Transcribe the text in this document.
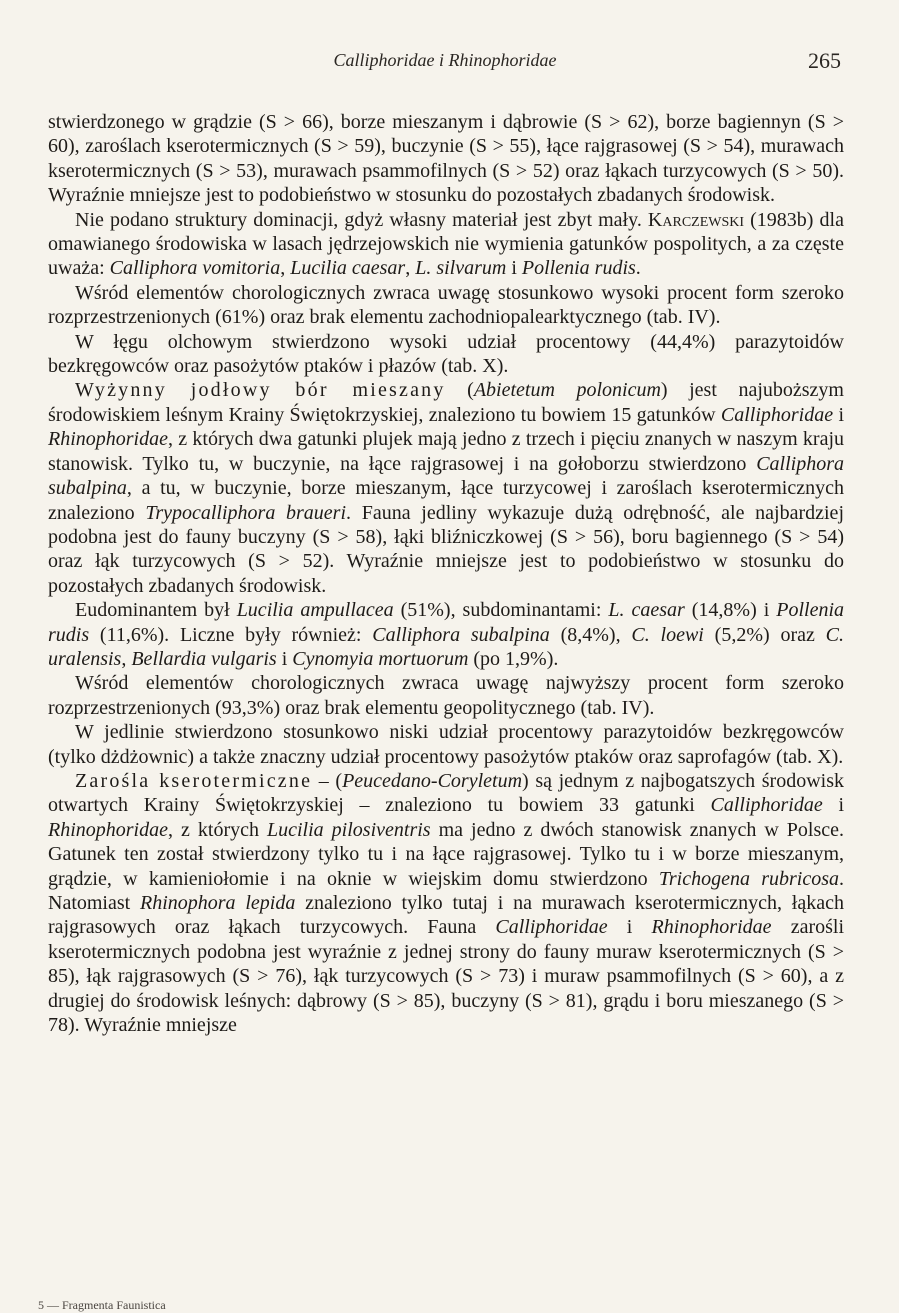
Calliphoridae i Rhinophoridae	265

stwierdzonego w grądzie (S > 66), borze mieszanym i dąbrowie (S > 62), borze bagiennyn (S > 60), zaroślach kserotermicznych (S > 59), buczynie (S > 55), łące rajgrasowej (S > 54), murawach kserotermicznych (S > 53), murawach psammofilnych (S > 52) oraz łąkach turzycowych (S > 50). Wyraźnie mniejsze jest to podobieństwo w stosunku do pozostałych zbadanych środowisk.

Nie podano struktury dominacji, gdyż własny materiał jest zbyt mały. Karczewski (1983b) dla omawianego środowiska w lasach jędrzejowskich nie wymienia gatunków pospolitych, a za częste uważa: Calliphora vomitoria, Lucilia caesar, L. silvarum i Pollenia rudis.

Wśród elementów chorologicznych zwraca uwagę stosunkowo wysoki procent form szeroko rozprzestrzenionych (61%) oraz brak elementu zachodniopalearktycznego (tab. IV).

W łęgu olchowym stwierdzono wysoki udział procentowy (44,4%) parazytoidów bezkręgowców oraz pasożytów ptaków i płazów (tab. X).

Wyżynny jodłowy bór mieszany (Abietetum polonicum) jest najuboższym środowiskiem leśnym Krainy Świętokrzyskiej, znaleziono tu bowiem 15 gatunków Calliphoridae i Rhinophoridae, z których dwa gatunki plujek mają jedno z trzech i pięciu znanych w naszym kraju stanowisk. Tylko tu, w buczynie, na łące rajgrasowej i na gołoborzu stwierdzono Calliphora subalpina, a tu, w buczynie, borze mieszanym, łące turzycowej i zaroślach kserotermicznych znaleziono Trypocalliphora braueri. Fauna jedliny wykazuje dużą odrębność, ale najbardziej podobna jest do fauny buczyny (S > 58), łąki bliźniczkowej (S > 56), boru bagiennego (S > 54) oraz łąk turzycowych (S > 52). Wyraźnie mniejsze jest to podobieństwo w stosunku do pozostałych zbadanych środowisk.

Eudominantem był Lucilia ampullacea (51%), subdominantami: L. caesar (14,8%) i Pollenia rudis (11,6%). Liczne były również: Calliphora subalpina (8,4%), C. loewi (5,2%) oraz C. uralensis, Bellardia vulgaris i Cynomyia mortuorum (po 1,9%).

Wśród elementów chorologicznych zwraca uwagę najwyższy procent form szeroko rozprzestrzenionych (93,3%) oraz brak elementu geopolitycznego (tab. IV).

W jedlinie stwierdzono stosunkowo niski udział procentowy parazytoidów bezkręgowców (tylko dżdżownic) a także znaczny udział procentowy pasożytów ptaków oraz saprofagów (tab. X).

Zarośla kserotermiczne – (Peucedano-Coryletum) są jednym z najbogatszych środowisk otwartych Krainy Świętokrzyskiej – znaleziono tu bowiem 33 gatunki Calliphoridae i Rhinophoridae, z których Lucilia pilosiventris ma jedno z dwóch stanowisk znanych w Polsce. Gatunek ten został stwierdzony tylko tu i na łące rajgrasowej. Tylko tu i w borze mieszanym, grądzie, w kamieniołomie i na oknie w wiejskim domu stwierdzono Trichogena rubricosa. Natomiast Rhinophora lepida znaleziono tylko tutaj i na murawach kserotermicznych, łąkach rajgrasowych oraz łąkach turzycowych. Fauna Calliphoridae i Rhinophoridae zarośli kserotermicznych podobna jest wyraźnie z jednej strony do fauny muraw kserotermicznych (S > 85), łąk rajgrasowych (S > 76), łąk turzycowych (S > 73) i muraw psammofilnych (S > 60), a z drugiej do środowisk leśnych: dąbrowy (S > 85), buczyny (S > 81), grądu i boru mieszanego (S > 78). Wyraźnie mniejsze

5 — Fragmenta Faunistica
